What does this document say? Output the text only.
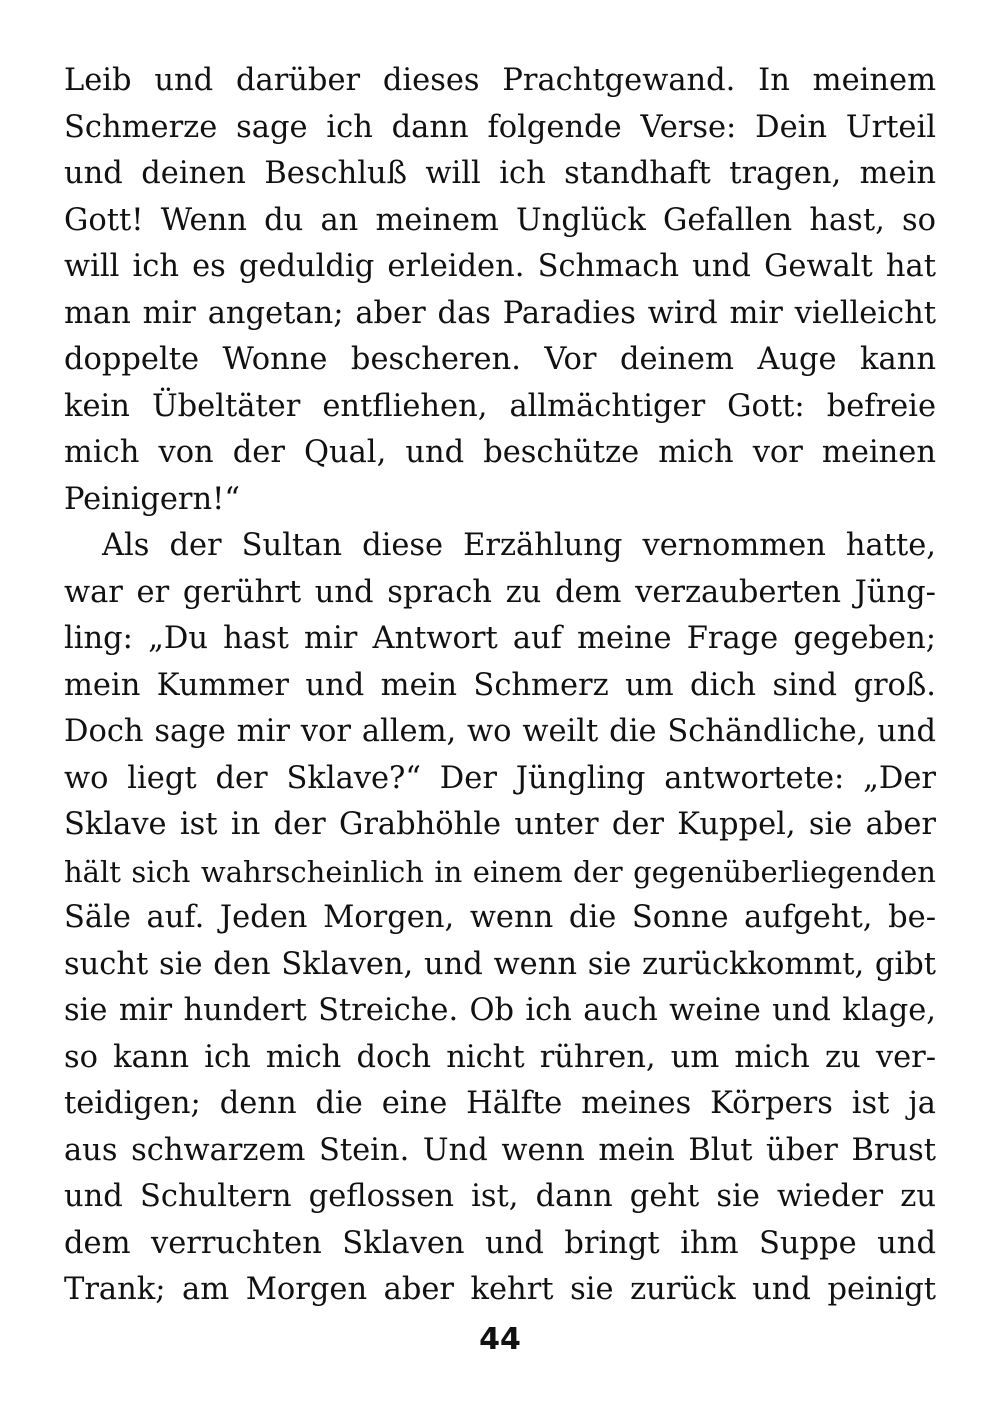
Leib und darüber dieses Prachtgewand. In meinem
Schmerze sage ich dann folgende Verse: Dein Urteil
und deinen Beschluß will ich standhaft tragen, mein
Gott! Wenn du an meinem Unglück Gefallen hast, so
will ich es geduldig erleiden. Schmach und Gewalt hat
man mir angetan; aber das Paradies wird mir vielleicht
doppelte Wonne bescheren. Vor deinem Auge kann
kein Übeltäter entfliehen, allmächtiger Gott: befreie
mich von der Qual, und beschütze mich vor meinen
Peinigern!“
Als der Sultan diese Erzählung vernommen hatte,
war er gerührt und sprach zu dem verzauberten Jüng-
ling: „Du hast mir Antwort auf meine Frage gegeben;
mein Kummer und mein Schmerz um dich sind groß.
Doch sage mir vor allem, wo weilt die Schändliche, und
wo liegt der Sklave?“ Der Jüngling antwortete: „Der
Sklave ist in der Grabhöhle unter der Kuppel, sie aber
hält sich wahrscheinlich in einem der gegenüberliegenden
Säle auf. Jeden Morgen, wenn die Sonne aufgeht, be-
sucht sie den Sklaven, und wenn sie zurückkommt, gibt
sie mir hundert Streiche. Ob ich auch weine und klage,
so kann ich mich doch nicht rühren, um mich zu ver-
teidigen; denn die eine Hälfte meines Körpers ist ja
aus schwarzem Stein. Und wenn mein Blut über Brust
und Schultern geflossen ist, dann geht sie wieder zu
dem verruchten Sklaven und bringt ihm Suppe und
Trank; am Morgen aber kehrt sie zurück und peinigt
44
